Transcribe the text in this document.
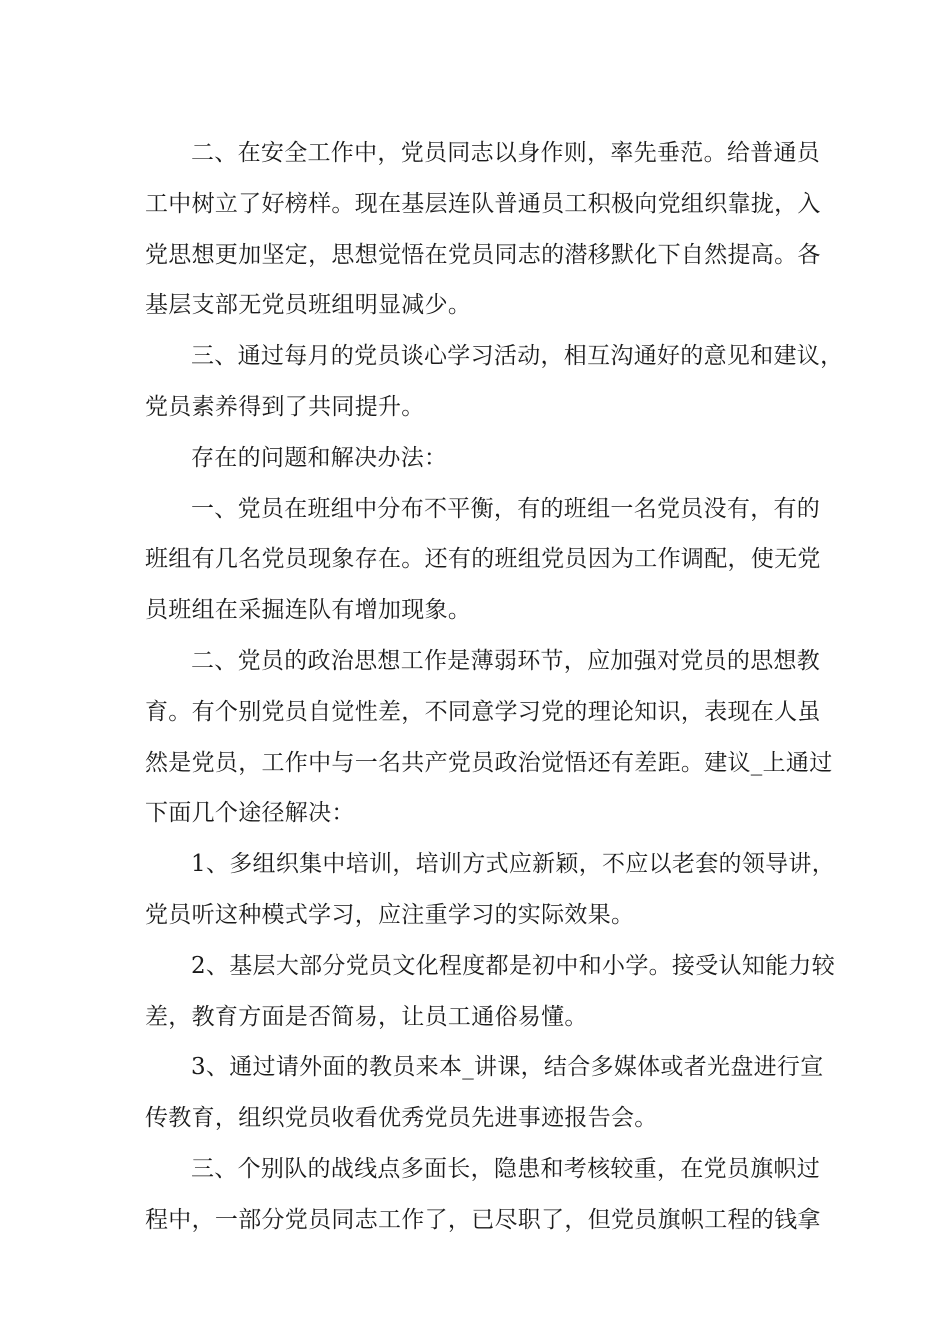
二、在安全工作中，党员同志以身作则，率先垂范。给普通员
工中树立了好榜样。现在基层连队普通员工积极向党组织靠拢，入
党思想更加坚定，思想觉悟在党员同志的潜移默化下自然提高。各
基层支部无党员班组明显减少。
三、通过每月的党员谈心学习活动，相互沟通好的意见和建议，
党员素养得到了共同提升。
存在的问题和解决办法：
一、党员在班组中分布不平衡，有的班组一名党员没有，有的
班组有几名党员现象存在。还有的班组党员因为工作调配，使无党
员班组在采掘连队有增加现象。
二、党员的政治思想工作是薄弱环节，应加强对党员的思想教
育。有个别党员自觉性差，不同意学习党的理论知识，表现在人虽
然是党员，工作中与一名共产党员政治觉悟还有差距。建议_上通过
下面几个途径解决：
1、多组织集中培训，培训方式应新颖，不应以老套的领导讲，
党员听这种模式学习，应注重学习的实际效果。
2、基层大部分党员文化程度都是初中和小学。接受认知能力较
差，教育方面是否简易，让员工通俗易懂。
3、通过请外面的教员来本_讲课，结合多媒体或者光盘进行宣
传教育，组织党员收看优秀党员先进事迹报告会。
三、个别队的战线点多面长，隐患和考核较重，在党员旗帜过
程中，一部分党员同志工作了，已尽职了，但党员旗帜工程的钱拿
